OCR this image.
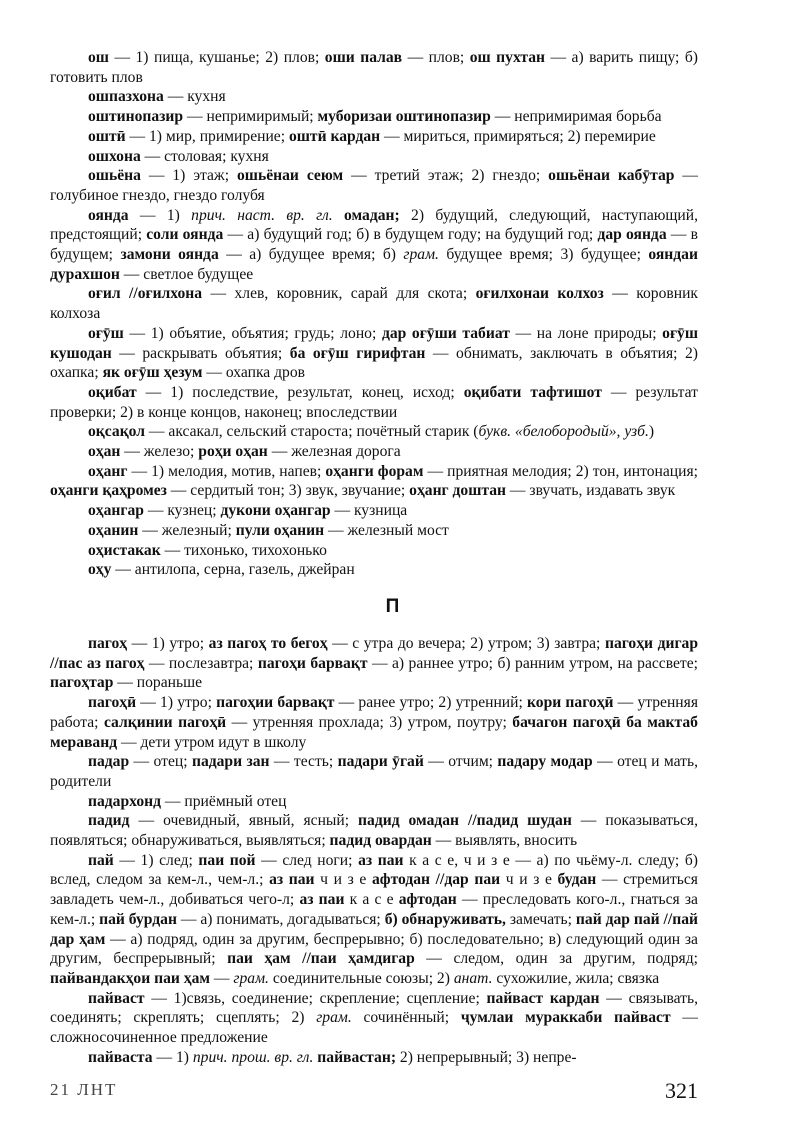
ош — 1) пища, кушанье; 2) плов; оши палав — плов; ош пухтан — а) варить пищу; б) готовить плов

ошпазхона — кухня

оштинопазир — непримиримый; муборизаи оштинопазир — непримиримая борьба

оштӣ — 1) мир, примирение; оштӣ кардан — мириться, примиряться; 2) перемирие

ошхона — столовая; кухня

ошьёна — 1) этаж; ошьёнаи сеюм — третий этаж; 2) гнездо; ошьёнаи кабӯтар — голубиное гнездо, гнездо голубя

оянда — 1) прич. наст. вр. гл. омадан; 2) будущий, следующий, наступающий, предстоящий; соли оянда — а) будущий год; б) в будущем году; на будущий год; дар оянда — в будущем; замони оянда — а) будущее время; б) грам. будущее время; 3) будущее; ояндаи дурахшон — светлое будущее

оғил //оғилхона — хлев, коровник, сарай для скота; оғилхонаи колхоз — коровник колхоза

оғӯш — 1) объятие, объятия; грудь; лоно; дар оғӯши табиат — на лоне природы; оғӯш кушодан — раскрывать объятия; ба оғӯш гирифтан — обнимать, заключать в объятия; 2) охапка; як оғӯш ҳезум — охапка дров

оқибат — 1) последствие, результат, конец, исход; оқибати тафтишот — результат проверки; 2) в конце концов, наконец; впоследствии

оқсақол — аксакал, сельский староста; почётный старик (букв. «белобородый», узб.)

оҳан — железо; роҳи оҳан — железная дорога

оҳанг — 1) мелодия, мотив, напев; оҳанги форам — приятная мелодия; 2) тон, интонация; оҳанги қаҳромез — сердитый тон; 3) звук, звучание; оҳанг доштан — звучать, издавать звук

оҳангар — кузнец; дукони оҳангар — кузница

оҳанин — железный; пули оҳанин — железный мост

оҳистакак — тихонько, тихохонько

оҳу — антилопа, серна, газель, джейран

П

пагоҳ — 1) утро; аз пагоҳ то бегоҳ — с утра до вечера; 2) утром; 3) завтра; пагоҳи дигар //пас аз пагоҳ — послезавтра; пагоҳи барвақт — а) раннее утро; б) ранним утром, на рассвете; пагоҳтар — пораньше

пагоҳӣ — 1) утро; пагоҳии барвақт — ранее утро; 2) утренний; кори пагоҳӣ — утренняя работа; салқинии пагоҳӣ — утренняя прохлада; 3) утром, поутру; бачагон пагоҳӣ ба мактаб мераванд — дети утром идут в школу

падар — отец; падари зан — тесть; падари ӯгай — отчим; падару модар — отец и мать, родители

падархонд — приёмный отец

падид — очевидный, явный, ясный; падид омадан //падид шудан — показываться, появляться; обнаруживаться, выявляться; падид овардан — выявлять, вносить

пай — 1) след; паи пой — след ноги; аз паи к а с е, ч и з е — а) по чьёму-л. следу; б) вслед, следом за кем-л., чем-л.; аз паи ч и з е афтодан //дар паи ч и з е будан — стремиться завладеть чем-л., добиваться чего-л; аз паи к а с е афтодан — преследовать кого-л., гнаться за кем-л.; пай бурдан — а) понимать, догадываться; б) обнаруживать, замечать; пай дар пай //пай дар ҳам — а) подряд, один за другим, беспрерывно; б) последовательно; в) следующий один за другим, беспрерывный; паи ҳам //паи ҳамдигар — следом, один за другим, подряд; пайвандакҳои паи ҳам — грам. соединительные союзы; 2) анат. сухожилие, жила; связка

пайваст — 1)связь, соединение; скрепление; сцепление; пайваст кардан — связывать, соединять; скреплять; сцеплять; 2) грам. сочинённый; ҷумлаи мураккаби пайваст — сложносочиненное предложение

пайваста — 1) прич. прош. вр. гл. пайвастан; 2) непрерывный; 3) непре-

21 ЛНТ	321
